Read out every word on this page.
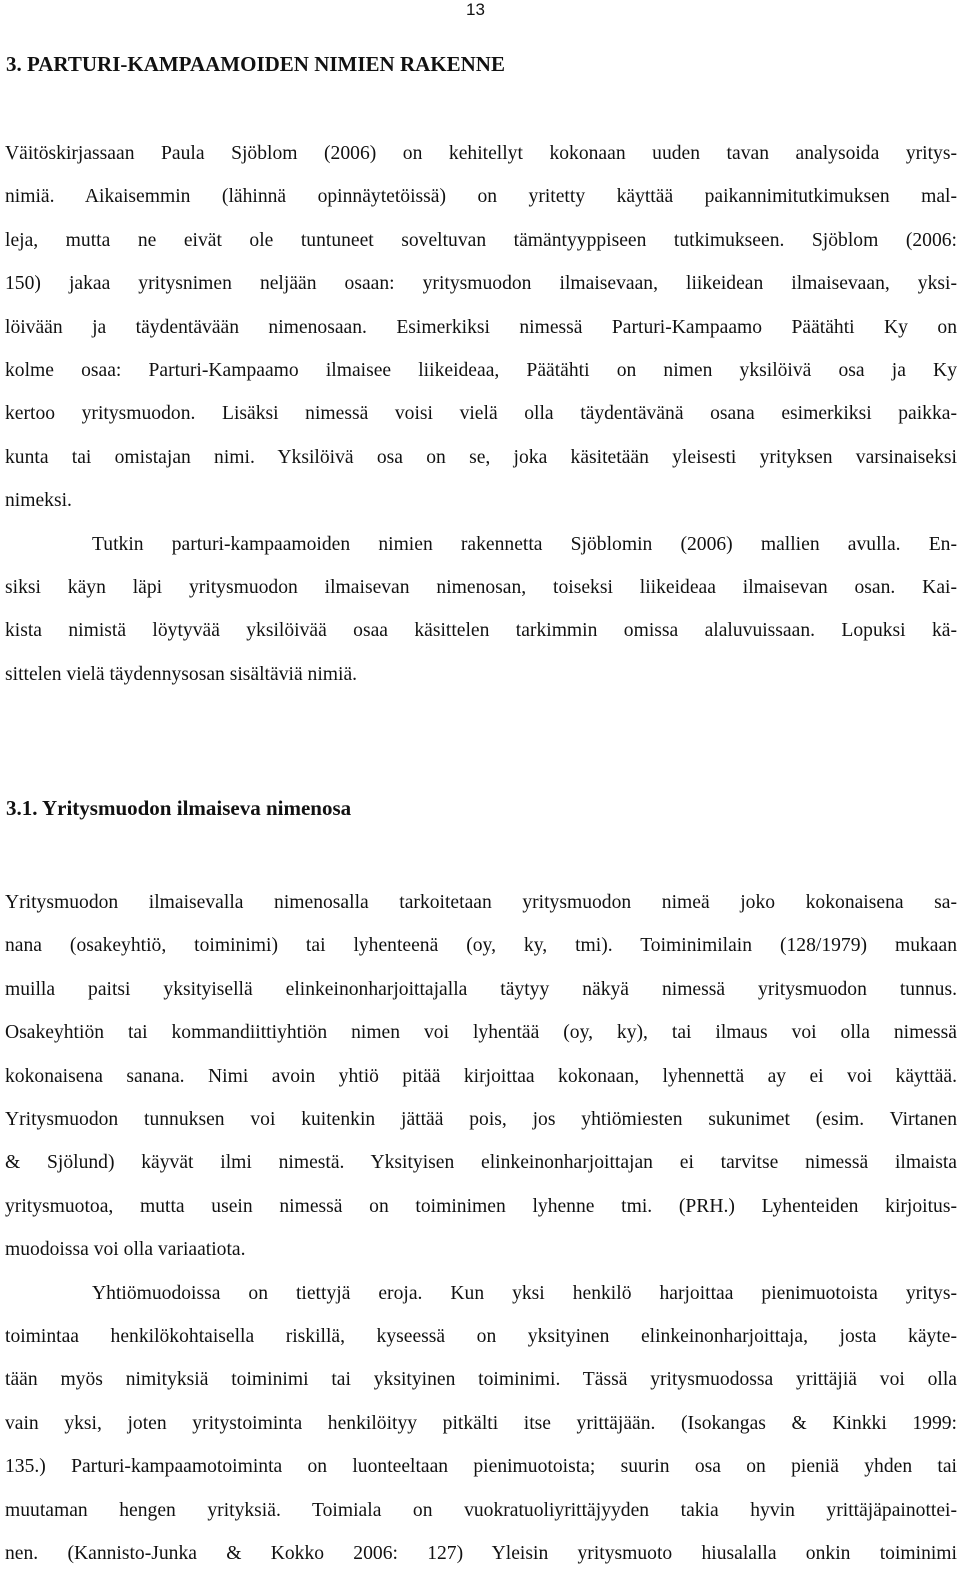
13
3. PARTURI-KAMPAAMOIDEN NIMIEN RAKENNE
Väitöskirjassaan Paula Sjöblom (2006) on kehitellyt kokonaan uuden tavan analysoida yritys-
nimiä. Aikaisemmin (lähinnä opinnäytetöissä) on yritetty käyttää paikannimitutkimuksen mal-
leja, mutta ne eivät ole tuntuneet soveltuvan tämäntyyppiseen tutkimukseen. Sjöblom (2006:
150) jakaa yritysnimen neljään osaan: yritysmuodon ilmaisevaan, liikeidean ilmaisevaan, yksi-
löivään ja täydentävään nimenosaan. Esimerkiksi nimessä Parturi-Kampaamo Päätähti Ky on
kolme osaa: Parturi-Kampaamo ilmaisee liikeideaa, Päätähti on nimen yksilöivä osa ja Ky
kertoo yritysmuodon. Lisäksi nimessä voisi vielä olla täydentävänä osana esimerkiksi paikka-
kunta tai omistajan nimi. Yksilöivä osa on se, joka käsitetään yleisesti yrityksen varsinaiseksi
nimeksi.
Tutkin parturi-kampaamoiden nimien rakennetta Sjöblomin (2006) mallien avulla. En-
siksi käyn läpi yritysmuodon ilmaisevan nimenosan, toiseksi liikeideaa ilmaisevan osan. Kai-
kista nimistä löytyvää yksilöivää osaa käsittelen tarkimmin omissa alaluvuissaan. Lopuksi kä-
sittelen vielä täydennysosan sisältäviä nimiä.
3.1. Yritysmuodon ilmaiseva nimenosa
Yritysmuodon ilmaisevalla nimenosalla tarkoitetaan yritysmuodon nimeä joko kokonaisena sa-
nana (osakeyhtiö, toiminimi) tai lyhenteenä (oy, ky, tmi). Toiminimilain (128/1979) mukaan
muilla paitsi yksityisellä elinkeinonharjoittajalla täytyy näkyä nimessä yritysmuodon tunnus.
Osakeyhtiön tai kommandiittiyhtiön nimen voi lyhentää (oy, ky), tai ilmaus voi olla nimessä
kokonaisena sanana. Nimi avoin yhtiö pitää kirjoittaa kokonaan, lyhennettä ay ei voi käyttää.
Yritysmuodon tunnuksen voi kuitenkin jättää pois, jos yhtiömiesten sukunimet (esim. Virtanen
& Sjölund) käyvät ilmi nimestä. Yksityisen elinkeinonharjoittajan ei tarvitse nimessä ilmaista
yritysmuotoa, mutta usein nimessä on toiminimen lyhenne tmi. (PRH.) Lyhenteiden kirjoitus-
muodoissa voi olla variaatiota.
Yhtiömuodoissa on tiettyjä eroja. Kun yksi henkilö harjoittaa pienimuotoista yritys-
toimintaa henkilökohtaisella riskillä, kyseessä on yksityinen elinkeinonharjoittaja, josta käyte-
tään myös nimityksiä toiminimi tai yksityinen toiminimi. Tässä yritysmuodossa yrittäjiä voi olla
vain yksi, joten yritystoiminta henkilöityy pitkälti itse yrittäjään. (Isokangas & Kinkki 1999:
135.) Parturi-kampaamotoiminta on luonteeltaan pienimuotoista; suurin osa on pieniä yhden tai
muutaman hengen yrityksiä. Toimiala on vuokratuoliyrittäjyyden takia hyvin yrittäjäpainottei-
nen. (Kannisto-Junka & Kokko 2006: 127) Yleisin yritysmuoto hiusalalla onkin toiminimi
